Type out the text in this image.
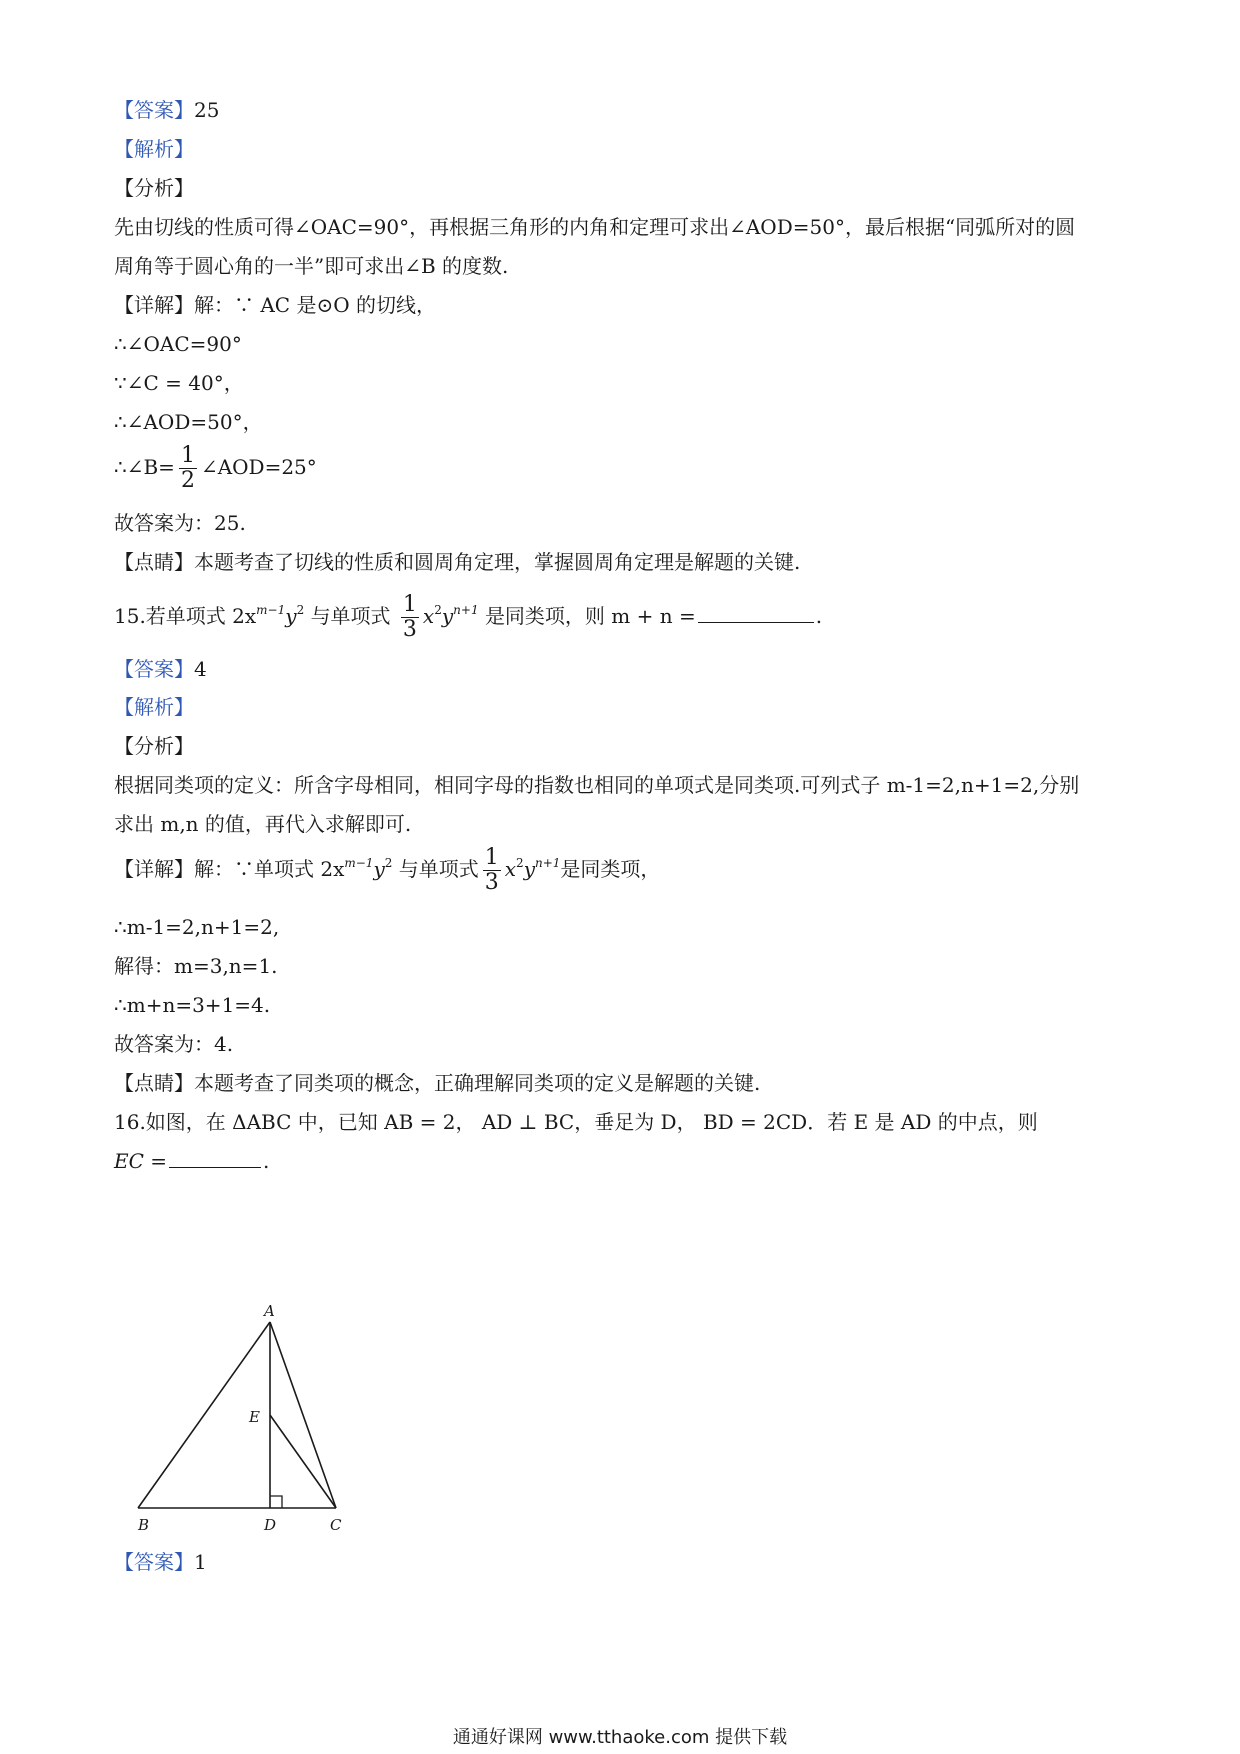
【答案】25
【解析】
【分析】
先由切线的性质可得∠OAC=90°，再根据三角形的内角和定理可求出∠AOD=50°，最后根据“同弧所对的圆
周角等于圆心角的一半”即可求出∠B 的度数.
【详解】解：∵ AC 是⊙O 的切线，
∴∠OAC=90°
∵∠C = 40°，
∴∠AOD=50°，
∴∠B= $\frac{1}{2}$ ∠AOD=25°
故答案为：25.
【点睛】本题考查了切线的性质和圆周角定理，掌握圆周角定理是解题的关键.
15.若单项式 $2x^{m-1}y^2$ 与单项式 $\frac{1}{3} x^2y^{n+1}$ 是同类项，则 m + n =	.
【答案】4
【解析】
【分析】
根据同类项的定义：所含字母相同，相同字母的指数也相同的单项式是同类项.可列式子 m-1=2,n+1=2,分别
求出 m,n 的值，再代入求解即可.
【详解】解：∵单项式 $2x^{m-1}y^2$ 与单项式 $\frac{1}{3} x^2y^{n+1}$是同类项，
∴m-1=2,n+1=2,
解得：m=3,n=1.
∴m+n=3+1=4.
故答案为：4.
【点睛】本题考查了同类项的概念，正确理解同类项的定义是解题的关键.
16.如图，在 ΔABC 中，已知 AB = 2， AD ⊥ BC，垂足为 D， BD = 2CD．若 E 是 AD 的中点，则
EC =	.
A
E
B	D	C
【答案】1
通通好课网 www.tthaoke.com 提供下载
